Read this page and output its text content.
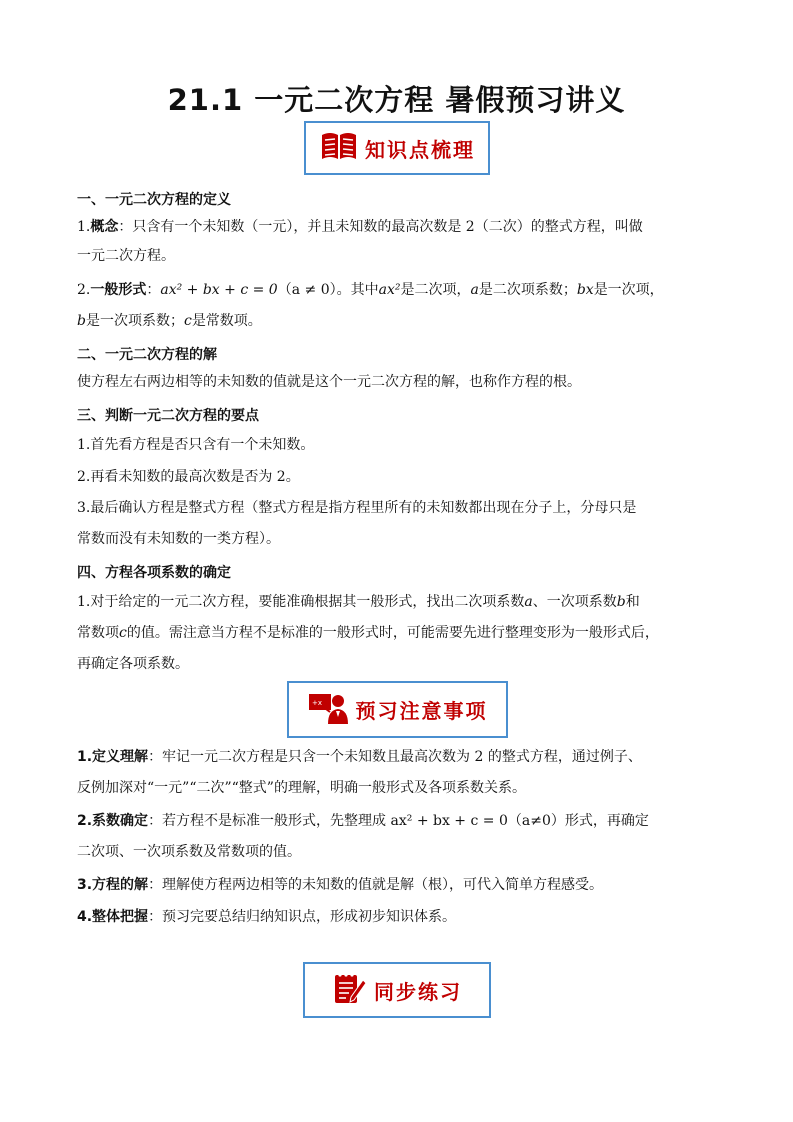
21.1 一元二次方程 暑假预习讲义
知识点梳理
一、一元二次方程的定义
1.概念：只含有一个未知数（一元），并且未知数的最高次数是 2（二次）的整式方程，叫做
一元二次方程。
2.一般形式：ax² + bx + c = 0（a ≠ 0）。其中ax²是二次项，a是二次项系数；bx是一次项，
b是一次项系数；c是常数项。
二、一元二次方程的解
使方程左右两边相等的未知数的值就是这个一元二次方程的解，也称作方程的根。
三、判断一元二次方程的要点
1.首先看方程是否只含有一个未知数。
2.再看未知数的最高次数是否为 2。
3.最后确认方程是整式方程（整式方程是指方程里所有的未知数都出现在分子上，分母只是
常数而没有未知数的一类方程）。
四、方程各项系数的确定
1.对于给定的一元二次方程，要能准确根据其一般形式，找出二次项系数a、一次项系数b和
常数项c的值。需注意当方程不是标准的一般形式时，可能需要先进行整理变形为一般形式后，
再确定各项系数。
+x 预习注意事项
1.定义理解：牢记一元二次方程是只含一个未知数且最高次数为 2 的整式方程，通过例子、
反例加深对“一元”“二次”“整式”的理解，明确一般形式及各项系数关系。
2.系数确定：若方程不是标准一般形式，先整理成 ax² + bx + c = 0（a≠0）形式，再确定
二次项、一次项系数及常数项的值。
3.方程的解：理解使方程两边相等的未知数的值就是解（根），可代入简单方程感受。
4.整体把握：预习完要总结归纳知识点，形成初步知识体系。
同步练习
